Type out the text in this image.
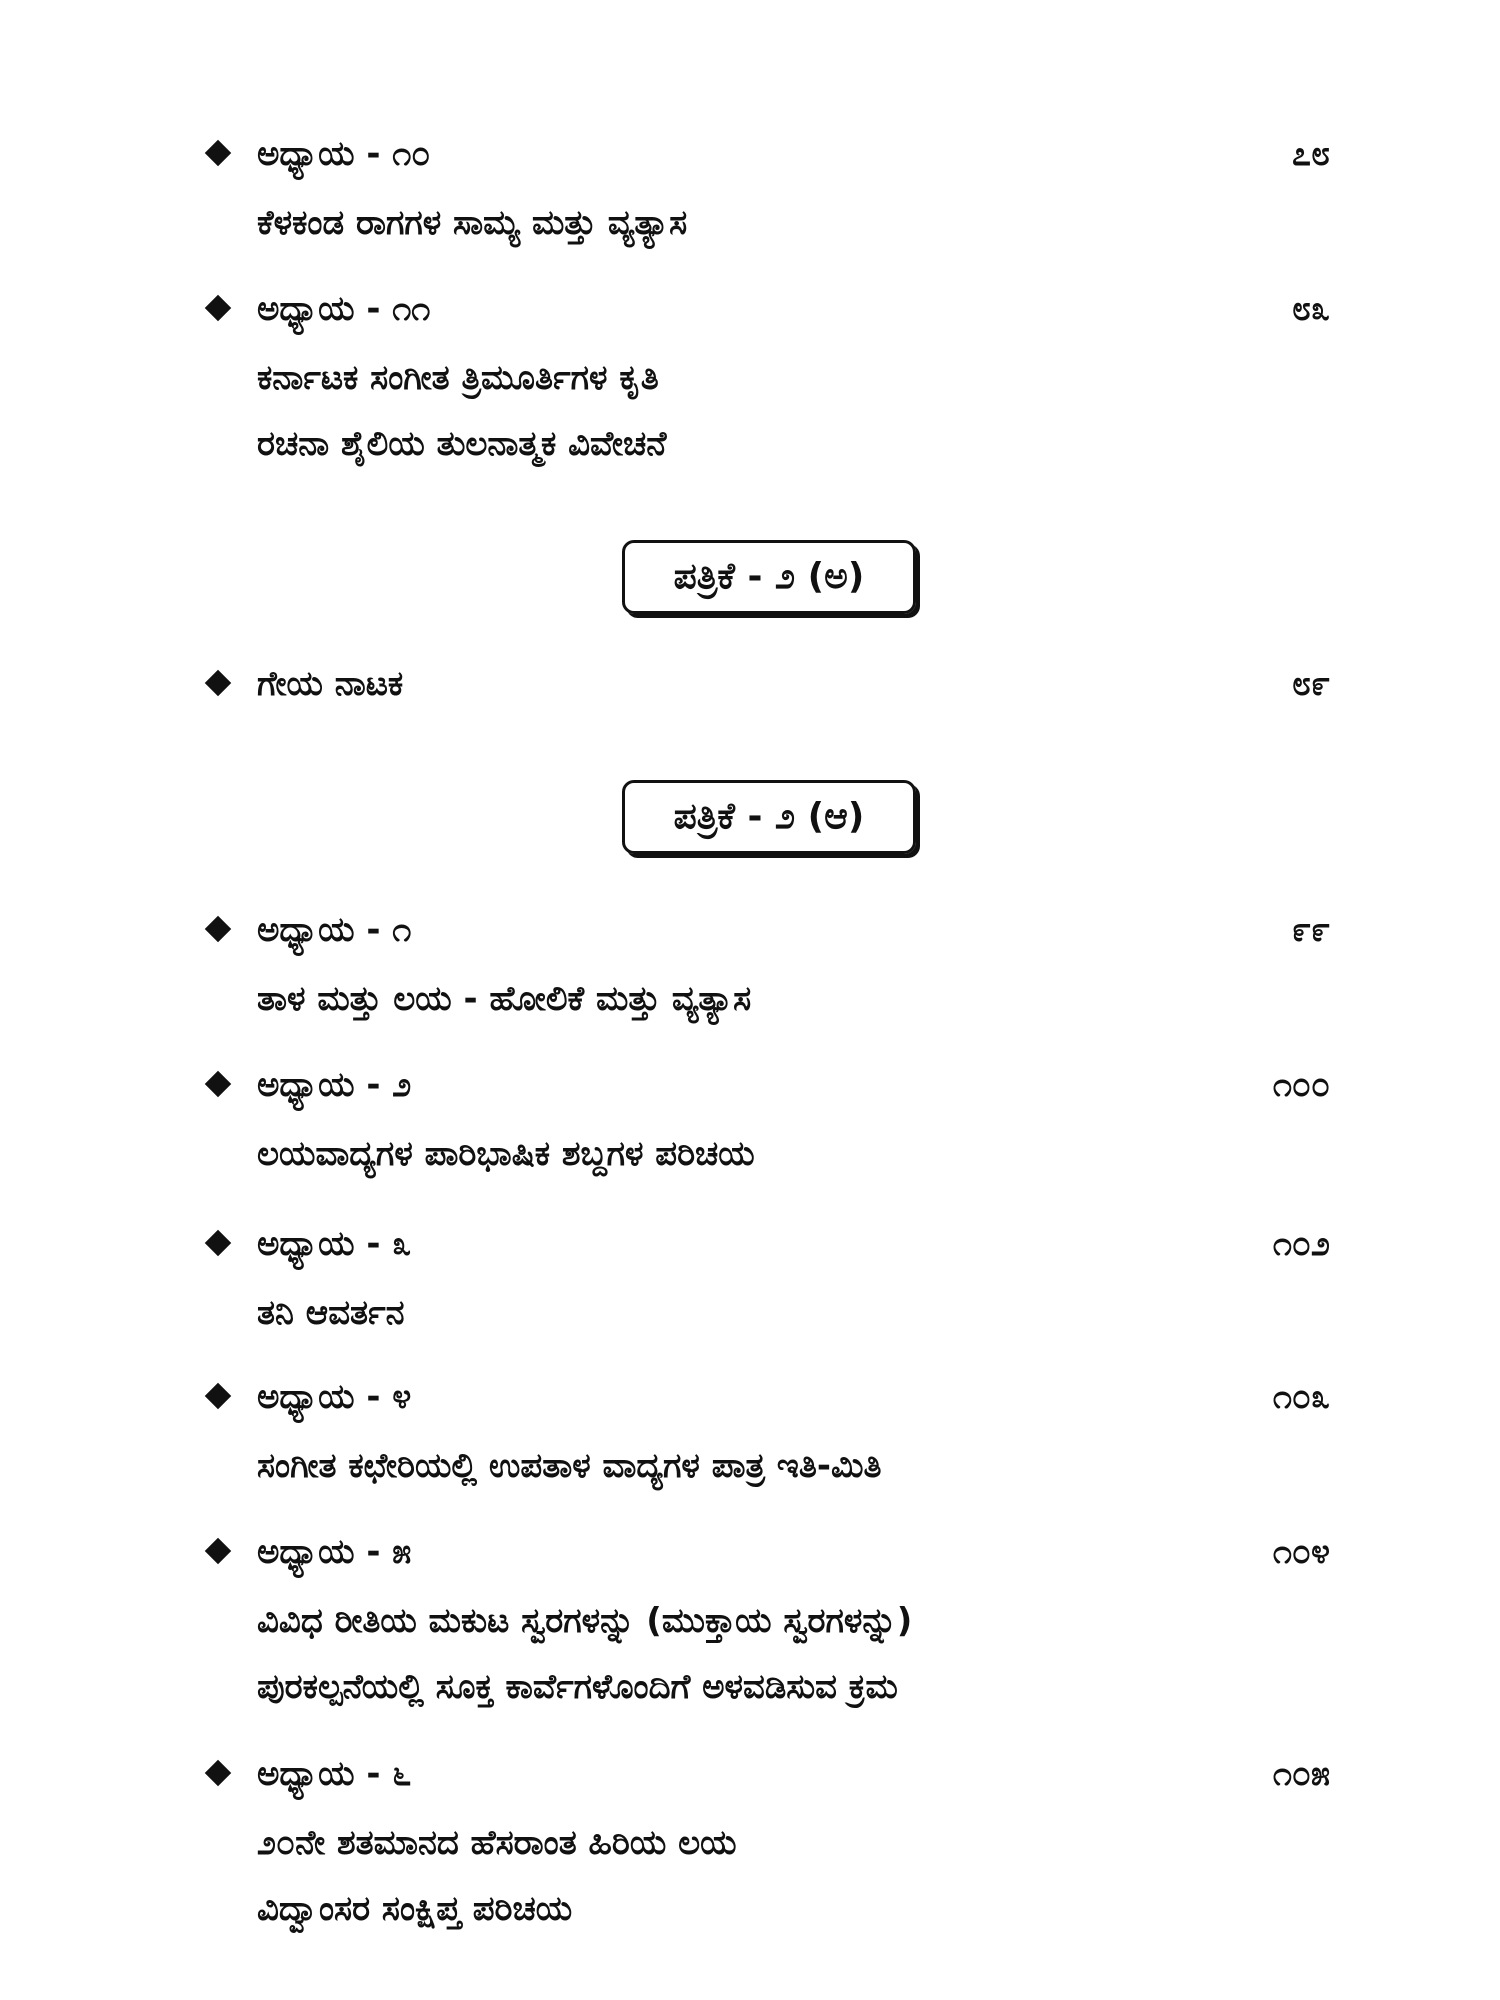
ಅಧ್ಯಾಯ - ೧೦	೭೮
ಕೆಳಕಂಡ ರಾಗಗಳ ಸಾಮ್ಯ ಮತ್ತು ವ್ಯತ್ಯಾಸ
ಅಧ್ಯಾಯ - ೧೧	೮೩
ಕರ್ನಾಟಕ ಸಂಗೀತ ತ್ರಿಮೂರ್ತಿಗಳ ಕೃತಿ
ರಚನಾ ಶೈಲಿಯ ತುಲನಾತ್ಮಕ ವಿವೇಚನೆ
ಪತ್ರಿಕೆ - ೨ (ಅ)
ಗೇಯ ನಾಟಕ	೮೯
ಪತ್ರಿಕೆ - ೨ (ಆ)
ಅಧ್ಯಾಯ - ೧	೯೯
ತಾಳ ಮತ್ತು ಲಯ - ಹೋಲಿಕೆ ಮತ್ತು ವ್ಯತ್ಯಾಸ
ಅಧ್ಯಾಯ - ೨	೧೦೦
ಲಯವಾದ್ಯಗಳ ಪಾರಿಭಾಷಿಕ ಶಬ್ದಗಳ ಪರಿಚಯ
ಅಧ್ಯಾಯ - ೩	೧೦೨
ತನಿ ಆವರ್ತನ
ಅಧ್ಯಾಯ - ೪	೧೦೩
ಸಂಗೀತ ಕಛೇರಿಯಲ್ಲಿ ಉಪತಾಳ ವಾದ್ಯಗಳ ಪಾತ್ರ ಇತಿ-ಮಿತಿ
ಅಧ್ಯಾಯ - ೫	೧೦೪
ವಿವಿಧ ರೀತಿಯ ಮಕುಟ ಸ್ವರಗಳನ್ನು (ಮುಕ್ತಾಯ ಸ್ವರಗಳನ್ನು)
ಪುರಕಲ್ಪನೆಯಲ್ಲಿ ಸೂಕ್ತ ಕಾರ್ವೆಗಳೊಂದಿಗೆ ಅಳವಡಿಸುವ ಕ್ರಮ
ಅಧ್ಯಾಯ - ೬	೧೦೫
೨೦ನೇ ಶತಮಾನದ ಹೆಸರಾಂತ ಹಿರಿಯ ಲಯ
ವಿದ್ವಾಂಸರ ಸಂಕ್ಷಿಪ್ತ ಪರಿಚಯ
